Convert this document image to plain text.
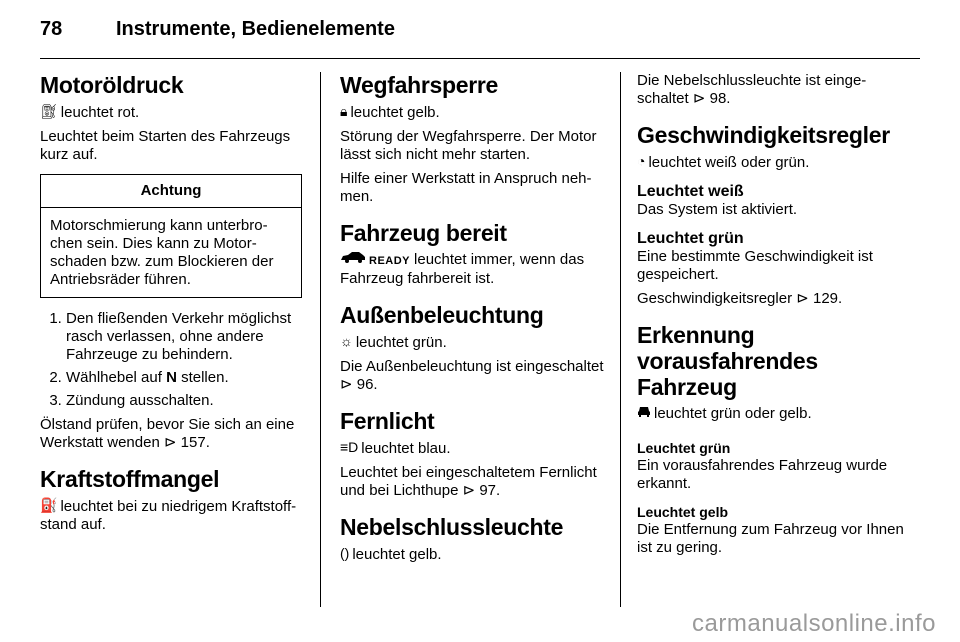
78	Instrumente, Bedienelemente
Motoröldruck

⛽︎ leuchtet rot.

Leuchtet beim Starten des Fahrzeugs kurz auf.

Achtung
Motorschmierung kann unterbrochen sein. Dies kann zu Motorschaden bzw. zum Blockieren der Antriebsräder führen.
1. Den fließenden Verkehr möglichst rasch verlassen, ohne andere Fahrzeuge zu behindern.
2. Wählhebel auf N stellen.
3. Zündung ausschalten.

Ölstand prüfen, bevor Sie sich an eine Werkstatt wenden ⊳ 157.

Kraftstoffmangel

⛽ leuchtet bei zu niedrigem Kraftstoffstand auf.

Wegfahrsperre

🔒︎ leuchtet gelb.

Störung der Wegfahrsperre. Der Motor lässt sich nicht mehr starten.

Hilfe einer Werkstatt in Anspruch nehmen.

Fahrzeug bereit

READY leuchtet immer, wenn das Fahrzeug fahrbereit ist.

Außenbeleuchtung

☼ leuchtet grün.

Die Außenbeleuchtung ist eingeschaltet ⊳ 96.

Fernlicht

≡D leuchtet blau.

Leuchtet bei eingeschaltetem Fernlicht und bei Lichthupe ⊳ 97.

Nebelschlussleuchte

() leuchtet gelb.

Die Nebelschlussleuchte ist eingeschaltet ⊳ 98.

Geschwindigkeitsregler

◔ leuchtet weiß oder grün.

Leuchtet weiß

Das System ist aktiviert.

Leuchtet grün

Eine bestimmte Geschwindigkeit ist gespeichert.

Geschwindigkeitsregler ⊳ 129.

Erkennung
vorausfahrendes
Fahrzeug

leuchtet grün oder gelb.

Leuchtet grün

Ein vorausfahrendes Fahrzeug wurde erkannt.

Leuchtet gelb

Die Entfernung zum Fahrzeug vor Ihnen ist zu gering.

carmanualsonline.info
